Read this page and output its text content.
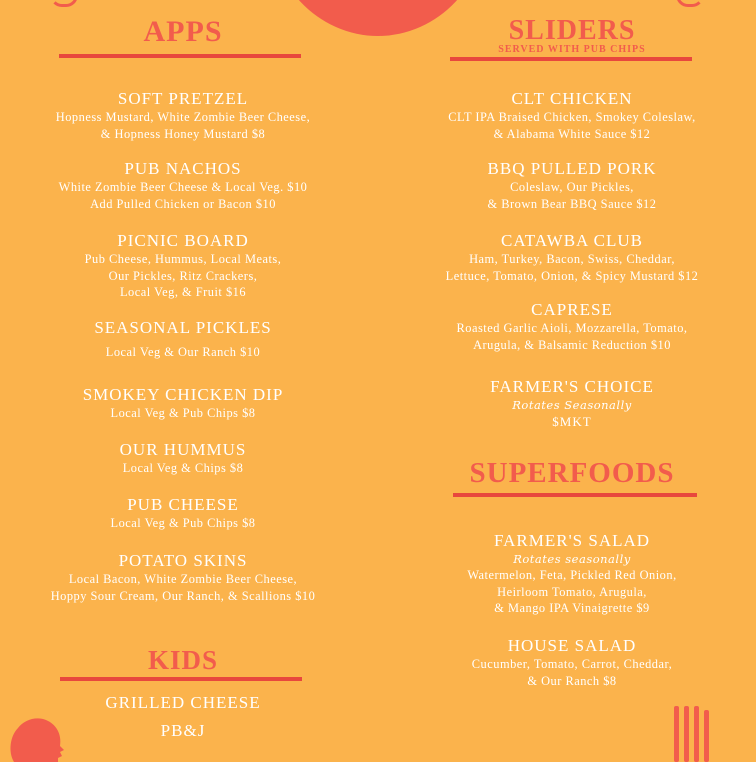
APPS
SOFT PRETZEL
Hopness Mustard, White Zombie Beer Cheese,
& Hopness Honey Mustard $8
PUB NACHOS
White Zombie Beer Cheese & Local Veg. $10
Add Pulled Chicken or Bacon $10
PICNIC BOARD
Pub Cheese, Hummus, Local Meats,
Our Pickles, Ritz Crackers,
Local Veg, & Fruit $16
SEASONAL PICKLES
Local Veg & Our Ranch $10
SMOKEY CHICKEN DIP
Local Veg & Pub Chips $8
OUR HUMMUS
Local Veg & Chips $8
PUB CHEESE
Local Veg & Pub Chips $8
POTATO SKINS
Local Bacon, White Zombie Beer Cheese,
Hoppy Sour Cream, Our Ranch, & Scallions $10
KIDS
GRILLED CHEESE
PB&J
SLIDERS
SERVED WITH PUB CHIPS
CLT CHICKEN
CLT IPA Braised Chicken, Smokey Coleslaw,
& Alabama White Sauce $12
BBQ PULLED PORK
Coleslaw, Our Pickles,
& Brown Bear BBQ Sauce $12
CATAWBA CLUB
Ham, Turkey, Bacon, Swiss, Cheddar,
Lettuce, Tomato, Onion, & Spicy Mustard $12
CAPRESE
Roasted Garlic Aioli, Mozzarella, Tomato,
Arugula, & Balsamic Reduction $10
FARMER'S CHOICE
Rotates Seasonally
$MKT
SUPERFOODS
FARMER'S SALAD
Rotates seasonally
Watermelon, Feta, Pickled Red Onion,
Heirloom Tomato, Arugula,
& Mango IPA Vinaigrette $9
HOUSE SALAD
Cucumber, Tomato, Carrot, Cheddar,
& Our Ranch $8
